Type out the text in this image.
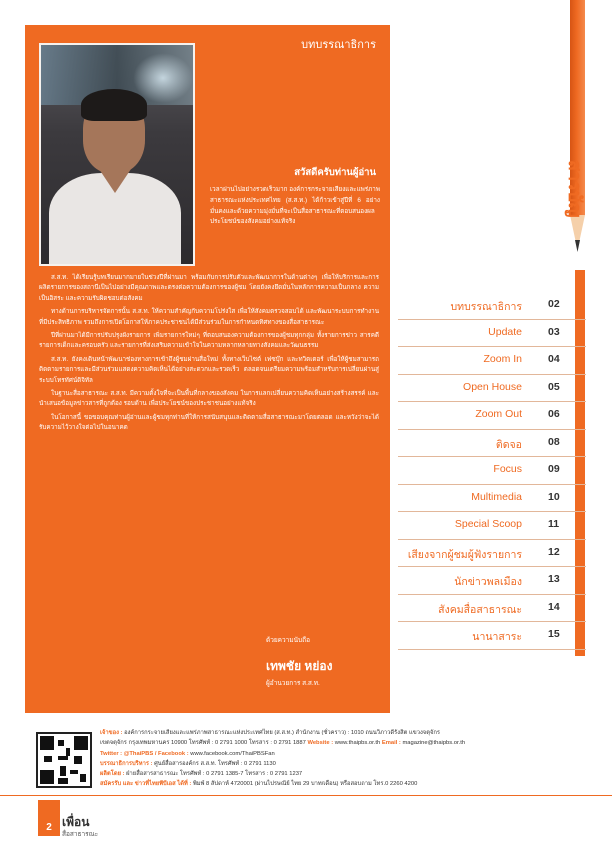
บทบรรณาธิการ
สวัสดีครับท่านผู้อ่าน
เวลาผ่านไปอย่างรวดเร็วมาก องค์การกระจายเสียงและแพร่ภาพสาธารณะแห่งประเทศไทย (ส.ส.ท.) ได้ก้าวเข้าสู่ปีที่ 6 อย่างมั่นคงและด้วยความมุ่งมั่นที่จะเป็นสื่อสาธารณะที่ตอบสนองผลประโยชน์ของสังคมอย่างแท้จริง

ส.ส.ท. ได้เรียนรู้บทเรียนมากมายในช่วงปีที่ผ่านมา พร้อมกับการปรับตัวและพัฒนาการในด้านต่างๆ เพื่อให้บริการและการผลิตรายการของสถานีเป็นไปอย่างมีคุณภาพและตรงต่อความต้องการของผู้ชม โดยยังคงยึดมั่นในหลักการความเป็นกลาง ความเป็นอิสระ และความรับผิดชอบต่อสังคม

ทางด้านการบริหารจัดการนั้น ส.ส.ท. ให้ความสำคัญกับความโปร่งใส เพื่อให้สังคมตรวจสอบได้ และพัฒนาระบบการทำงานที่มีประสิทธิภาพ รวมถึงการเปิดโอกาสให้ภาคประชาชนได้มีส่วนร่วมในการกำหนดทิศทางของสื่อสาธารณะ

ปีที่ผ่านมาได้มีการปรับปรุงผังรายการ เพิ่มรายการใหม่ๆ ที่ตอบสนองความต้องการของผู้ชมทุกกลุ่ม ทั้งรายการข่าว สารคดี รายการเด็กและครอบครัว และรายการที่ส่งเสริมความเข้าใจในความหลากหลายทางสังคมและวัฒนธรรม

ส.ส.ท. ยังคงเดินหน้าพัฒนาช่องทางการเข้าถึงผู้ชมผ่านสื่อใหม่ ทั้งทางเว็บไซต์ เฟซบุ๊ก และทวิตเตอร์ เพื่อให้ผู้ชมสามารถติดตามรายการและมีส่วนร่วมแสดงความคิดเห็นได้อย่างสะดวกและรวดเร็ว ตลอดจนเตรียมความพร้อมสำหรับการเปลี่ยนผ่านสู่ระบบโทรทัศน์ดิจิทัล

ในฐานะสื่อสาธารณะ ส.ส.ท. มีความตั้งใจที่จะเป็นพื้นที่กลางของสังคม ในการแลกเปลี่ยนความคิดเห็นอย่างสร้างสรรค์ และนำเสนอข้อมูลข่าวสารที่ถูกต้อง รอบด้าน เพื่อประโยชน์ของประชาชนอย่างแท้จริง

ในโอกาสนี้ ขอขอบคุณท่านผู้อ่านและผู้ชมทุกท่านที่ให้การสนับสนุนและติดตามสื่อสาธารณะมาโดยตลอด และหวังว่าจะได้รับความไว้วางใจต่อไปในอนาคต

ด้วยความนับถือ
เทพชัย หย่อง
ผู้อำนวยการ ส.ส.ท.
สารบัญ
บทบรรณาธิการ 02
Update 03
Zoom In 04
Open House 05
Zoom Out 06
ติดจอ 08
Focus 09
Multimedia 10
Special Scoop 11
เสียงจากผู้ชมผู้ฟังรายการ 12
นักข่าวพลเมือง 13
สังคมสื่อสาธารณะ 14
นานาสาระ 15
เจ้าของ : องค์การกระจายเสียงและแพร่ภาพสาธารณะแห่งประเทศไทย (ส.ส.ท.) สำนักงาน (ชั่วคราว) : 1010 ถนนวิภาวดีรังสิต แขวงจตุจักร
เขตจตุจักร กรุงเทพมหานคร 10900 โทรศัพท์ : 0 2791 1000 โทรสาร : 0 2791 1887 Website : www.thaipbs.or.th Email : magazine@thaipbs.or.th
Twitter : @ThaiPBS / Facebook : www.facebook.com/ThaiPBSFan
บรรณาธิการบริหาร : ศูนย์สื่อสารองค์กร ส.ส.ท. โทรศัพท์ : 0 2791 1130
ผลิตโดย : ฝ่ายสื่อสารสาธารณะ โทรศัพท์ : 0 2791 1385-7 โทรสาร : 0 2791 1237
สมัครรับ และ ข่าวที่ไทยพีบีเอส ได้ที่ : พิมพ์ 8 สัปดาห์ 4720001 (ผ่านไปรษณีย์ ไทย 29 บาท/เดือน) หรือสอบถาม โทร.0 2260 4200
2 เพื่อน
สื่อสาธารณะ
